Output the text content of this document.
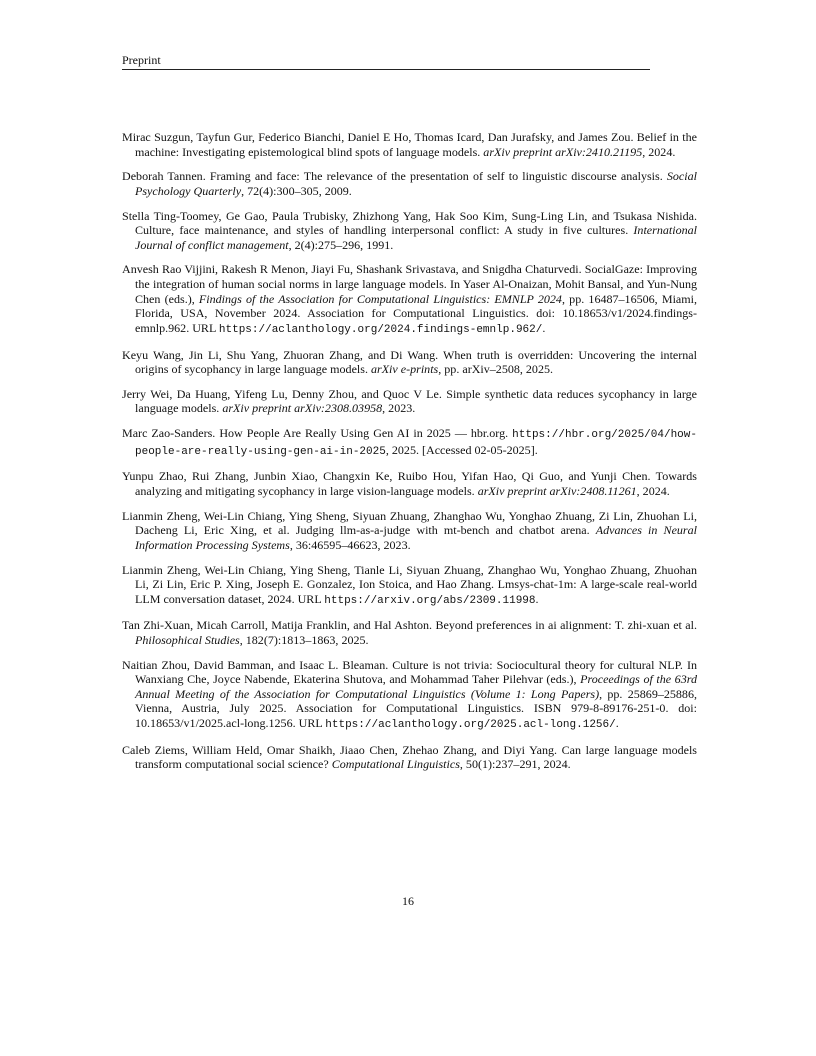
Preprint
Mirac Suzgun, Tayfun Gur, Federico Bianchi, Daniel E Ho, Thomas Icard, Dan Jurafsky, and James Zou. Belief in the machine: Investigating epistemological blind spots of language models. arXiv preprint arXiv:2410.21195, 2024.
Deborah Tannen. Framing and face: The relevance of the presentation of self to linguistic discourse analysis. Social Psychology Quarterly, 72(4):300–305, 2009.
Stella Ting-Toomey, Ge Gao, Paula Trubisky, Zhizhong Yang, Hak Soo Kim, Sung-Ling Lin, and Tsukasa Nishida. Culture, face maintenance, and styles of handling interpersonal conflict: A study in five cultures. International Journal of conflict management, 2(4):275–296, 1991.
Anvesh Rao Vijjini, Rakesh R Menon, Jiayi Fu, Shashank Srivastava, and Snigdha Chaturvedi. SocialGaze: Improving the integration of human social norms in large language models. In Yaser Al-Onaizan, Mohit Bansal, and Yun-Nung Chen (eds.), Findings of the Association for Computational Linguistics: EMNLP 2024, pp. 16487–16506, Miami, Florida, USA, November 2024. Association for Computational Linguistics. doi: 10.18653/v1/2024.findings-emnlp.962. URL https://aclanthology.org/2024.findings-emnlp.962/.
Keyu Wang, Jin Li, Shu Yang, Zhuoran Zhang, and Di Wang. When truth is overridden: Uncovering the internal origins of sycophancy in large language models. arXiv e-prints, pp. arXiv–2508, 2025.
Jerry Wei, Da Huang, Yifeng Lu, Denny Zhou, and Quoc V Le. Simple synthetic data reduces sycophancy in large language models. arXiv preprint arXiv:2308.03958, 2023.
Marc Zao-Sanders. How People Are Really Using Gen AI in 2025 — hbr.org. https://hbr.org/2025/04/how-people-are-really-using-gen-ai-in-2025, 2025. [Accessed 02-05-2025].
Yunpu Zhao, Rui Zhang, Junbin Xiao, Changxin Ke, Ruibo Hou, Yifan Hao, Qi Guo, and Yunji Chen. Towards analyzing and mitigating sycophancy in large vision-language models. arXiv preprint arXiv:2408.11261, 2024.
Lianmin Zheng, Wei-Lin Chiang, Ying Sheng, Siyuan Zhuang, Zhanghao Wu, Yonghao Zhuang, Zi Lin, Zhuohan Li, Dacheng Li, Eric Xing, et al. Judging llm-as-a-judge with mt-bench and chatbot arena. Advances in Neural Information Processing Systems, 36:46595–46623, 2023.
Lianmin Zheng, Wei-Lin Chiang, Ying Sheng, Tianle Li, Siyuan Zhuang, Zhanghao Wu, Yonghao Zhuang, Zhuohan Li, Zi Lin, Eric P. Xing, Joseph E. Gonzalez, Ion Stoica, and Hao Zhang. Lmsys-chat-1m: A large-scale real-world LLM conversation dataset, 2024. URL https://arxiv.org/abs/2309.11998.
Tan Zhi-Xuan, Micah Carroll, Matija Franklin, and Hal Ashton. Beyond preferences in ai alignment: T. zhi-xuan et al. Philosophical Studies, 182(7):1813–1863, 2025.
Naitian Zhou, David Bamman, and Isaac L. Bleaman. Culture is not trivia: Sociocultural theory for cultural NLP. In Wanxiang Che, Joyce Nabende, Ekaterina Shutova, and Mohammad Taher Pilehvar (eds.), Proceedings of the 63rd Annual Meeting of the Association for Computational Linguistics (Volume 1: Long Papers), pp. 25869–25886, Vienna, Austria, July 2025. Association for Computational Linguistics. ISBN 979-8-89176-251-0. doi: 10.18653/v1/2025.acl-long.1256. URL https://aclanthology.org/2025.acl-long.1256/.
Caleb Ziems, William Held, Omar Shaikh, Jiaao Chen, Zhehao Zhang, and Diyi Yang. Can large language models transform computational social science? Computational Linguistics, 50(1):237–291, 2024.
16
